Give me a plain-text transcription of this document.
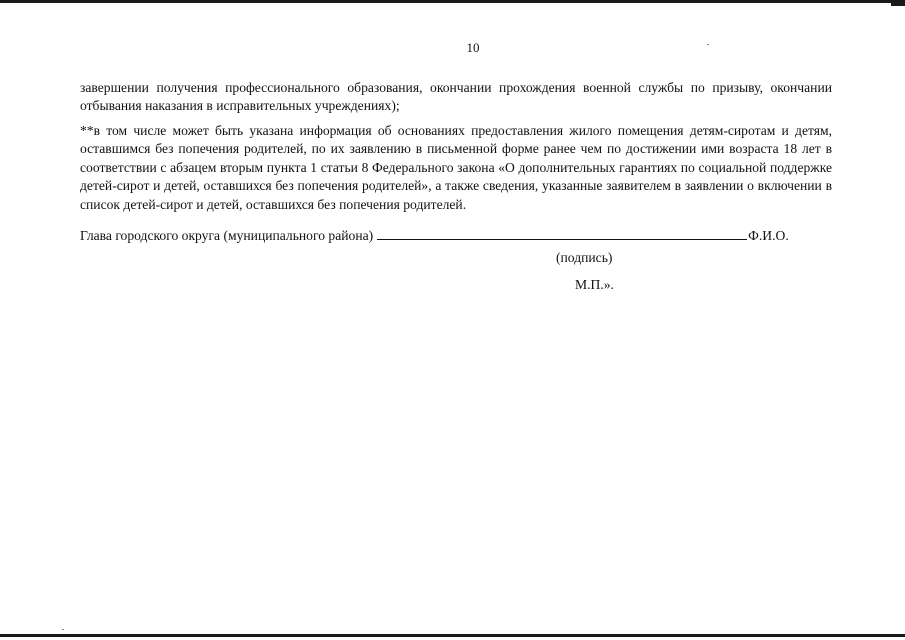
10

завершении получения профессионального образования, окончании прохождения военной службы по призыву, окончании отбывания наказания в исправительных учреждениях);

**в том числе может быть указана информация об основаниях предоставления жилого помещения детям-сиротам и детям, оставшимся без попечения родителей, по их заявлению в письменной форме ранее чем по достижении ими возраста 18 лет в соответствии с абзацем вторым пункта 1 статьи 8 Федерального закона «О дополнительных гарантиях по социальной поддержке детей-сирот и детей, оставшихся без попечения родителей», а также сведения, указанные заявителем в заявлении о включении в список детей-сирот и детей, оставшихся без попечения родителей.

Глава городского округа (муниципального района)	Ф.И.О.
(подпись)
М.П.».
